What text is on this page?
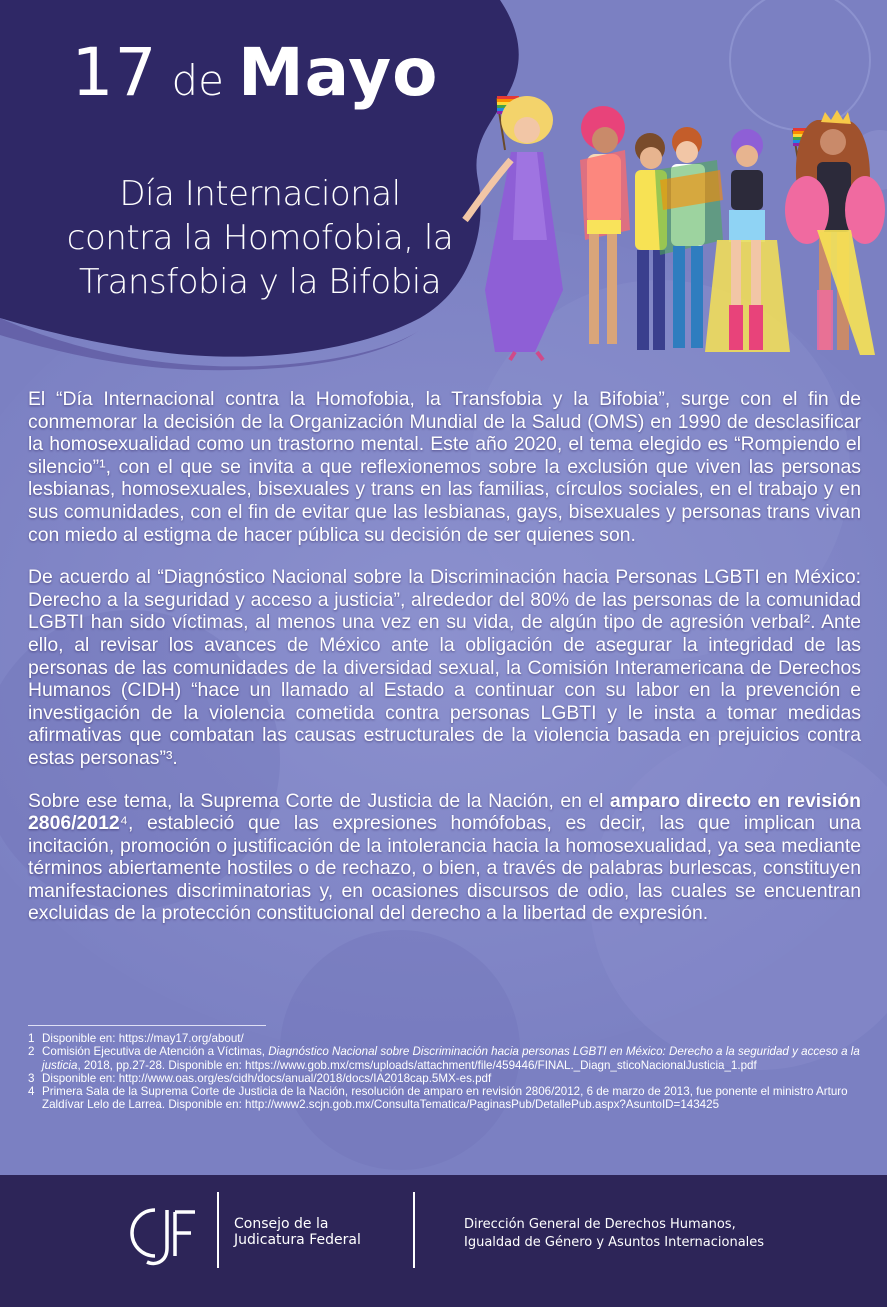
17 de Mayo
Día Internacional
contra la Homofobia, la
Transfobia y la Bifobia

El “Día Internacional contra la Homofobia, la Transfobia y la Bifobia”, surge con el fin de conmemorar la decisión de la Organización Mundial de la Salud (OMS) en 1990 de desclasificar la homosexualidad como un trastorno mental. Este año 2020, el tema elegido es “Rompiendo el silencio”¹, con el que se invita a que reflexionemos sobre la exclusión que viven las personas lesbianas, homosexuales, bisexuales y trans en las familias, círculos sociales, en el trabajo y en sus comunidades, con el fin de evitar que las lesbianas, gays, bisexuales y personas trans vivan con miedo al estigma de hacer pública su decisión de ser quienes son.

De acuerdo al “Diagnóstico Nacional sobre la Discriminación hacia Personas LGBTI en México: Derecho a la seguridad y acceso a justicia”, alrededor del 80% de las personas de la comunidad LGBTI han sido víctimas, al menos una vez en su vida, de algún tipo de agresión verbal². Ante ello, al revisar los avances de México ante la obligación de asegurar la integridad de las personas de las comunidades de la diversidad sexual, la Comisión Interamericana de Derechos Humanos (CIDH) “hace un llamado al Estado a continuar con su labor en la prevención e investigación de la violencia cometida contra personas LGBTI y le insta a tomar medidas afirmativas que combatan las causas estructurales de la violencia basada en prejuicios contra estas personas”³.

Sobre ese tema, la Suprema Corte de Justicia de la Nación, en el amparo directo en revisión 2806/2012⁴, estableció que las expresiones homófobas, es decir, las que implican una incitación, promoción o justificación de la intolerancia hacia la homosexualidad, ya sea mediante términos abiertamente hostiles o de rechazo, o bien, a través de palabras burlescas, constituyen manifestaciones discriminatorias y, en ocasiones discursos de odio, las cuales se encuentran excluidas de la protección constitucional del derecho a la libertad de expresión.

1 Disponible en: https://may17.org/about/
2 Comisión Ejecutiva de Atención a Víctimas, Diagnóstico Nacional sobre Discriminación hacia personas LGBTI en México: Derecho a la seguridad y acceso a la justicia, 2018, pp.27-28. Disponible en: https://www.gob.mx/cms/uploads/attachment/file/459446/FINAL._Diagn_sticoNacionalJusticia_1.pdf
3 Disponible en: http://www.oas.org/es/cidh/docs/anual/2018/docs/IA2018cap.5MX-es.pdf
4 Primera Sala de la Suprema Corte de Justicia de la Nación, resolución de amparo en revisión 2806/2012, 6 de marzo de 2013, fue ponente el ministro Arturo Zaldívar Lelo de Larrea. Disponible en: http://www2.scjn.gob.mx/ConsultaTematica/PaginasPub/DetallePub.aspx?AsuntoID=143425
CJF
Consejo de la
Judicatura Federal
Dirección General de Derechos Humanos,
Igualdad de Género y Asuntos Internacionales
